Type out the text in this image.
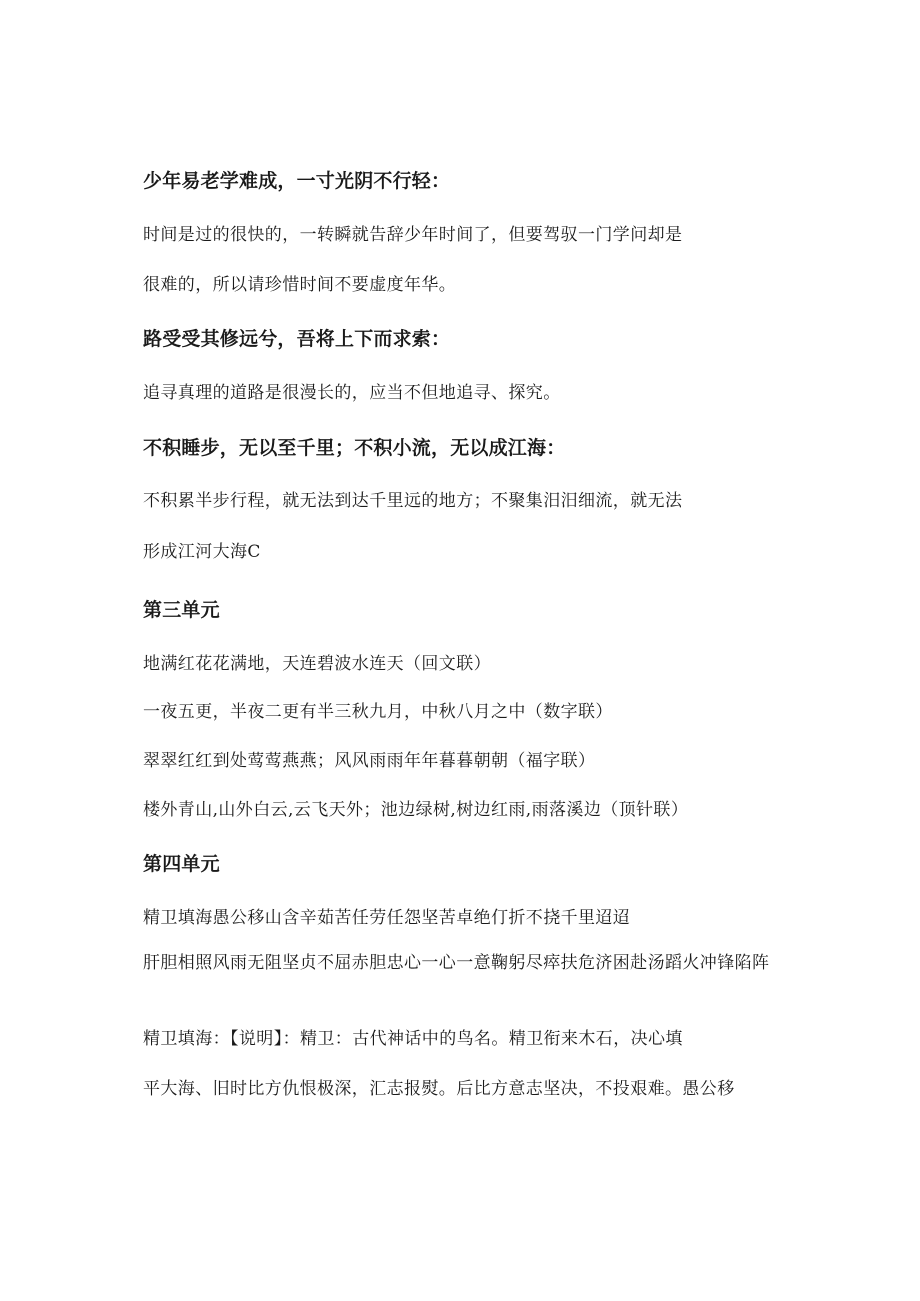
少年易老学难成，一寸光阴不行轻：

时间是过的很快的，一转瞬就告辞少年时间了，但要驾驭一门学问却是

很难的，所以请珍惜时间不要虚度年华。

路受受其修远兮，吾将上下而求索：

追寻真理的道路是很漫长的，应当不但地追寻、探究。

不积睡步，无以至千里；不积小流，无以成江海：

不积累半步行程，就无法到达千里远的地方；不聚集汨汨细流，就无法

形成江河大海C

第三单元

地满红花花满地，天连碧波水连天（回文联）

一夜五更，半夜二更有半三秋九月，中秋八月之中（数字联）

翠翠红红到处莺莺燕燕；风风雨雨年年暮暮朝朝（福字联）

楼外青山,山外白云,云飞天外；池边绿树,树边红雨,雨落溪边（顶针联）

第四单元

精卫填海愚公移山含辛茹苦任劳任怨坚苦卓绝仃折不挠千里迢迢

肝胆相照风雨无阻坚贞不屈赤胆忠心一心一意鞠躬尽瘁扶危济困赴汤蹈火冲锋陷阵

精卫填海：【说明】：精卫：古代神话中的鸟名。精卫衔来木石，决心填

平大海、旧时比方仇恨极深，汇志报熨。后比方意志坚决，不投艰难。愚公移
